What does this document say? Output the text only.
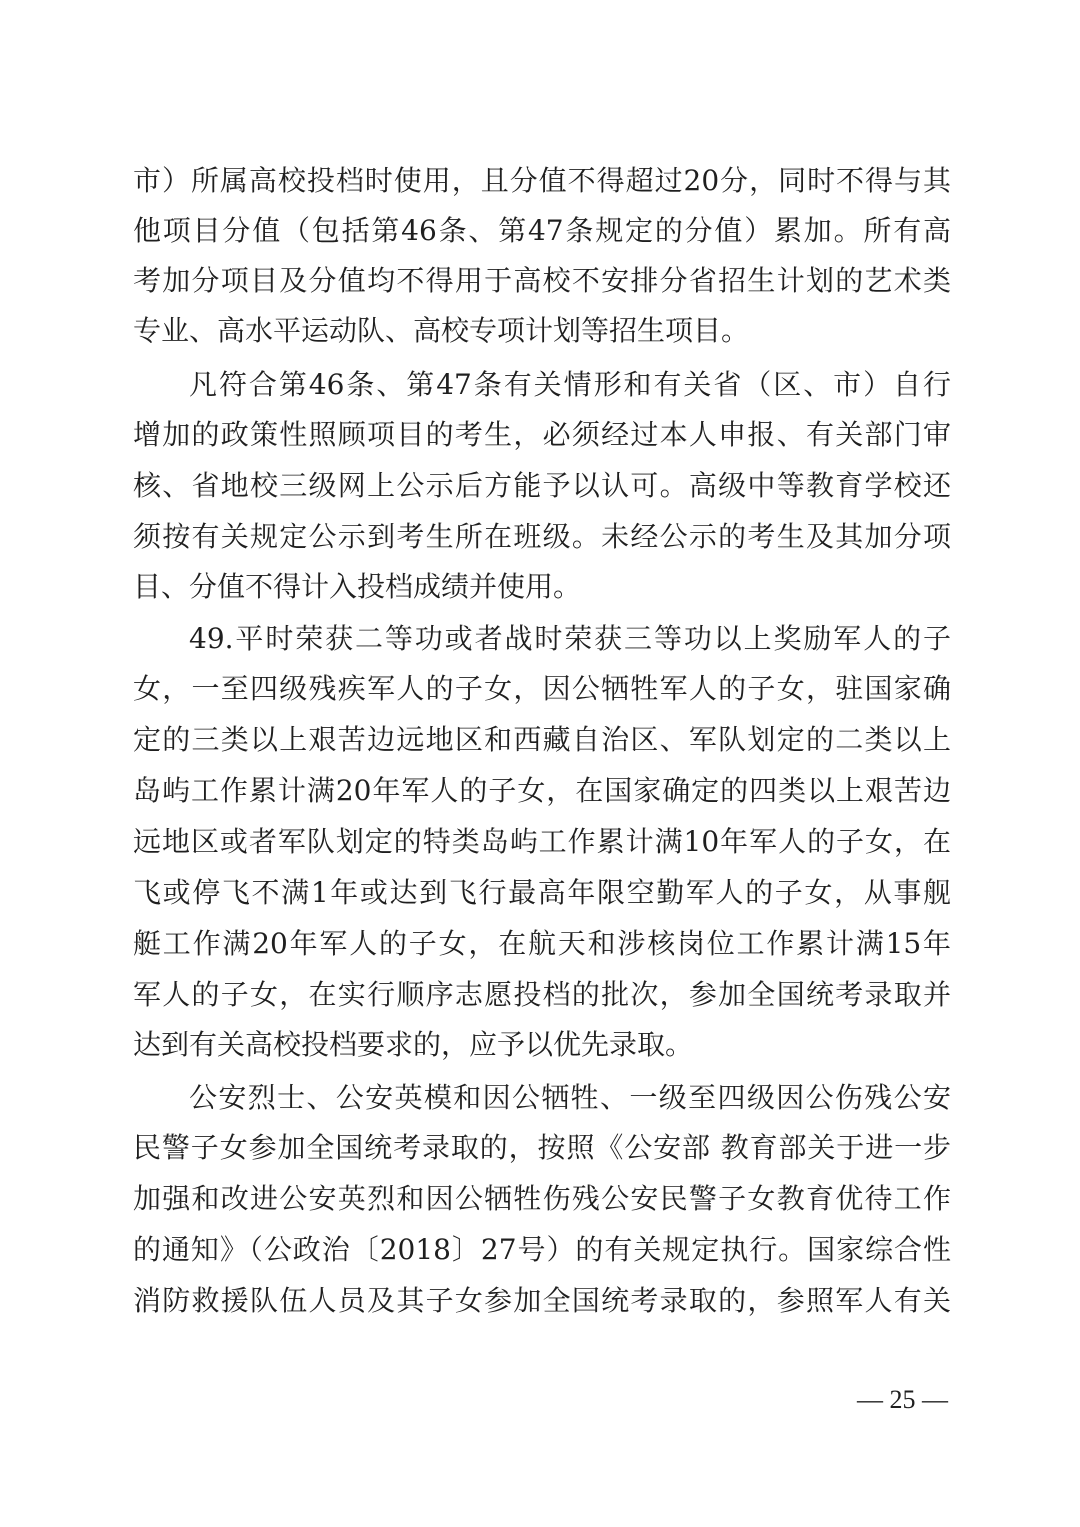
市）所属高校投档时使用，且分值不得超过20分，同时不得与其
他项目分值（包括第46条、第47条规定的分值）累加。所有高
考加分项目及分值均不得用于高校不安排分省招生计划的艺术类
专业、高水平运动队、高校专项计划等招生项目。
凡符合第46条、第47条有关情形和有关省（区、市）自行
增加的政策性照顾项目的考生，必须经过本人申报、有关部门审
核、省地校三级网上公示后方能予以认可。高级中等教育学校还
须按有关规定公示到考生所在班级。未经公示的考生及其加分项
目、分值不得计入投档成绩并使用。
49.平时荣获二等功或者战时荣获三等功以上奖励军人的子
女，一至四级残疾军人的子女，因公牺牲军人的子女，驻国家确
定的三类以上艰苦边远地区和西藏自治区、军队划定的二类以上
岛屿工作累计满20年军人的子女，在国家确定的四类以上艰苦边
远地区或者军队划定的特类岛屿工作累计满10年军人的子女，在
飞或停飞不满1年或达到飞行最高年限空勤军人的子女，从事舰
艇工作满20年军人的子女，在航天和涉核岗位工作累计满15年
军人的子女，在实行顺序志愿投档的批次，参加全国统考录取并
达到有关高校投档要求的，应予以优先录取。
公安烈士、公安英模和因公牺牲、一级至四级因公伤残公安
民警子女参加全国统考录取的，按照《公安部 教育部关于进一步
加强和改进公安英烈和因公牺牲伤残公安民警子女教育优待工作
的通知》（公政治〔2018〕27号）的有关规定执行。国家综合性
消防救援队伍人员及其子女参加全国统考录取的，参照军人有关
— 25 —
